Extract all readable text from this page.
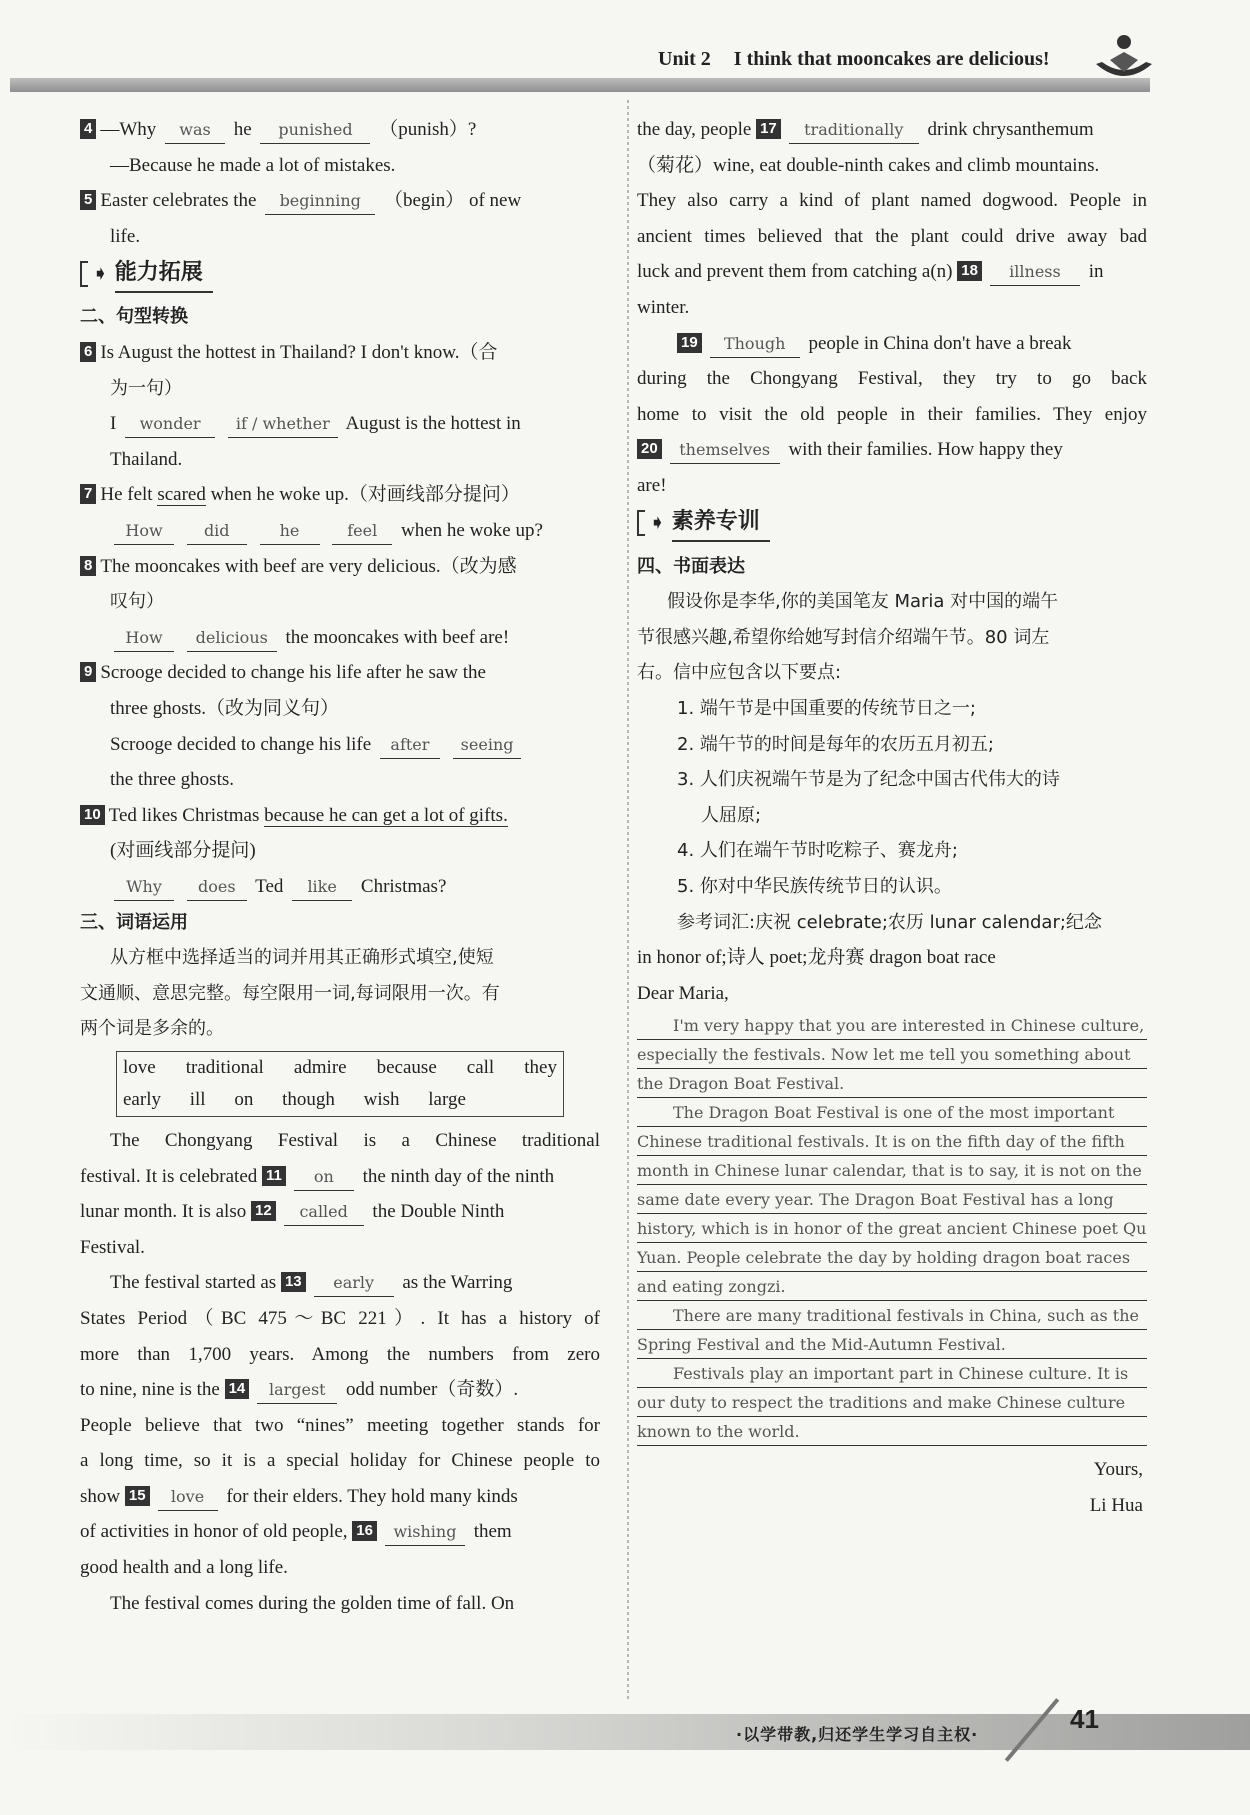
Unit 2 I think that mooncakes are delicious!
4 —Why was he punished （punish）?
—Because he made a lot of mistakes.
5 Easter celebrates the beginning （begin） of new
life.
➧ 能力拓展
二、句型转换
6 Is August the hottest in Thailand? I don't know.（合
为一句）
I wonder if / whether August is the hottest in
Thailand.
7 He felt scared when he woke up.（对画线部分提问）
How	did	he	feel when he woke up?
8 The mooncakes with beef are very delicious.（改为感
叹句）
How delicious the mooncakes with beef are!
9 Scrooge decided to change his life after he saw the
three ghosts.（改为同义句）
Scrooge decided to change his life after seeing
the three ghosts.
10 Ted likes Christmas because he can get a lot of gifts.
(对画线部分提问)
Why does Ted like Christmas?
三、词语运用
从方框中选择适当的词并用其正确形式填空,使短
文通顺、意思完整。每空限用一词,每词限用一次。有
两个词是多余的。
love traditional admire because call they
early ill on though wish large
The Chongyang Festival is a Chinese traditional
festival. It is celebrated 11 on the ninth day of the ninth
lunar month. It is also 12 called the Double Ninth
Festival.
The festival started as 13 early as the Warring
States Period（BC 475～BC 221）. It has a history of
more than 1,700 years. Among the numbers from zero
to nine, nine is the 14 largest odd number（奇数）.
People believe that two “nines” meeting together stands for
a long time, so it is a special holiday for Chinese people to
show 15 love for their elders. They hold many kinds
of activities in honor of old people, 16 wishing them
good health and a long life.
The festival comes during the golden time of fall. On
the day, people 17 traditionally drink chrysanthemum
（菊花）wine, eat double-ninth cakes and climb mountains.
They also carry a kind of plant named dogwood. People in
ancient times believed that the plant could drive away bad
luck and prevent them from catching a(n) 18 illness in
winter.
19 Though people in China don't have a break
during the Chongyang Festival, they try to go back
home to visit the old people in their families. They enjoy
20 themselves with their families. How happy they
are!
➧ 素养专训
四、书面表达
假设你是李华,你的美国笔友 Maria 对中国的端午
节很感兴趣,希望你给她写封信介绍端午节。80 词左
右。信中应包含以下要点:
1. 端午节是中国重要的传统节日之一;
2. 端午节的时间是每年的农历五月初五;
3. 人们庆祝端午节是为了纪念中国古代伟大的诗
人屈原;
4. 人们在端午节时吃粽子、赛龙舟;
5. 你对中华民族传统节日的认识。
参考词汇:庆祝 celebrate;农历 lunar calendar;纪念
in honor of;诗人 poet;龙舟赛 dragon boat race
Dear Maria,
I'm very happy that you are interested in Chinese culture,
especially the festivals. Now let me tell you something about
the Dragon Boat Festival.
The Dragon Boat Festival is one of the most important
Chinese traditional festivals. It is on the fifth day of the fifth
month in Chinese lunar calendar, that is to say, it is not on the
same date every year. The Dragon Boat Festival has a long
history, which is in honor of the great ancient Chinese poet Qu
Yuan. People celebrate the day by holding dragon boat races
and eating zongzi.
There are many traditional festivals in China, such as the
Spring Festival and the Mid-Autumn Festival.
Festivals play an important part in Chinese culture. It is
our duty to respect the traditions and make Chinese culture
known to the world.
Yours,
Li Hua
·以学带教,归还学生学习自主权·
41
